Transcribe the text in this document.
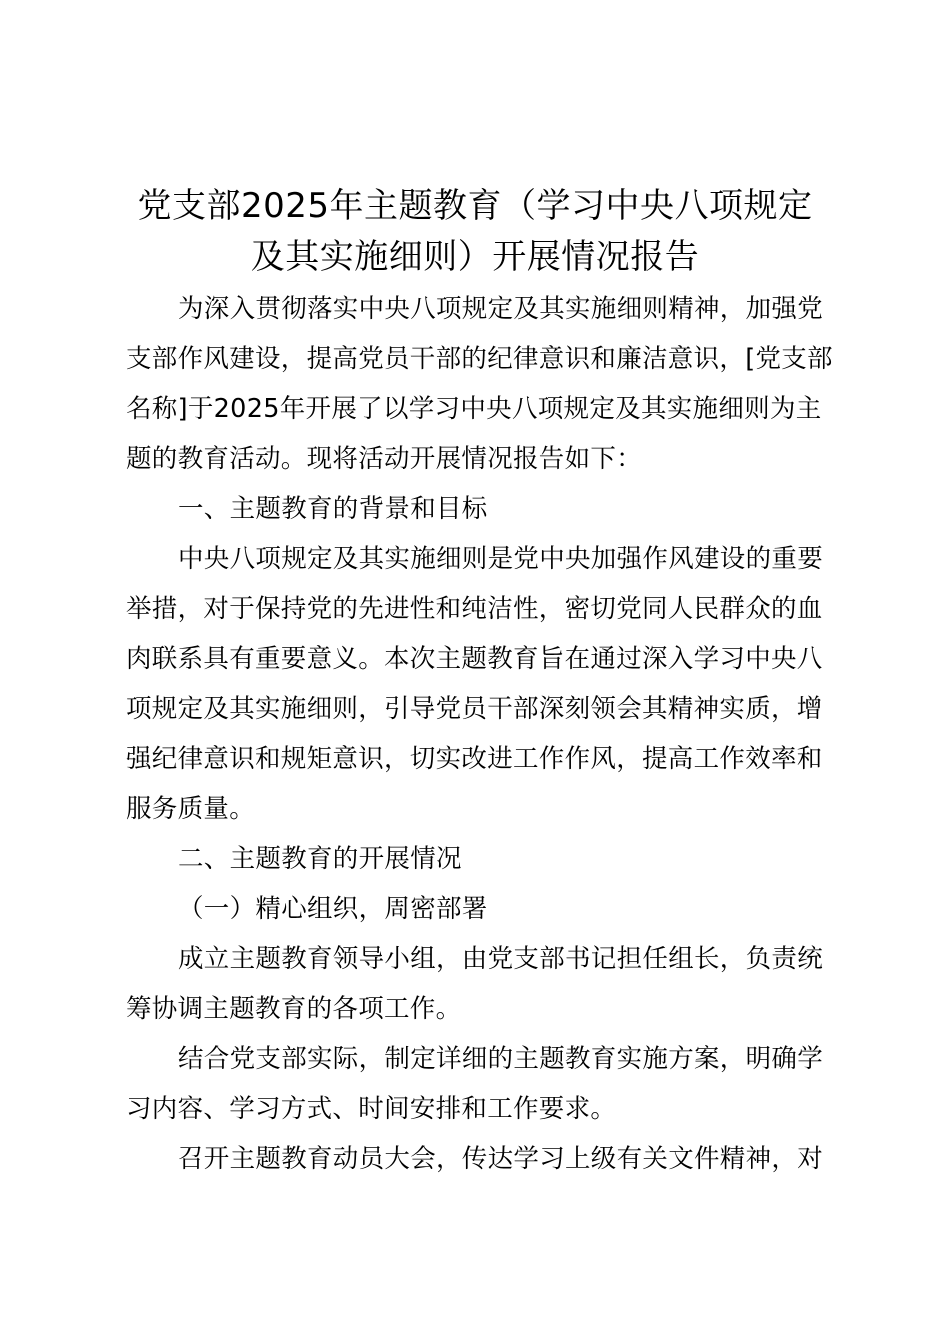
党支部2025年主题教育（学习中央八项规定
及其实施细则）开展情况报告
为深入贯彻落实中央八项规定及其实施细则精神，加强党支部作风建设，提高党员干部的纪律意识和廉洁意识，[党支部名称]于2025年开展了以学习中央八项规定及其实施细则为主题的教育活动。现将活动开展情况报告如下：
一、主题教育的背景和目标
中央八项规定及其实施细则是党中央加强作风建设的重要举措，对于保持党的先进性和纯洁性，密切党同人民群众的血肉联系具有重要意义。本次主题教育旨在通过深入学习中央八项规定及其实施细则，引导党员干部深刻领会其精神实质，增强纪律意识和规矩意识，切实改进工作作风，提高工作效率和服务质量。
二、主题教育的开展情况
（一）精心组织，周密部署
成立主题教育领导小组，由党支部书记担任组长，负责统筹协调主题教育的各项工作。
结合党支部实际，制定详细的主题教育实施方案，明确学习内容、学习方式、时间安排和工作要求。
召开主题教育动员大会，传达学习上级有关文件精神，对
